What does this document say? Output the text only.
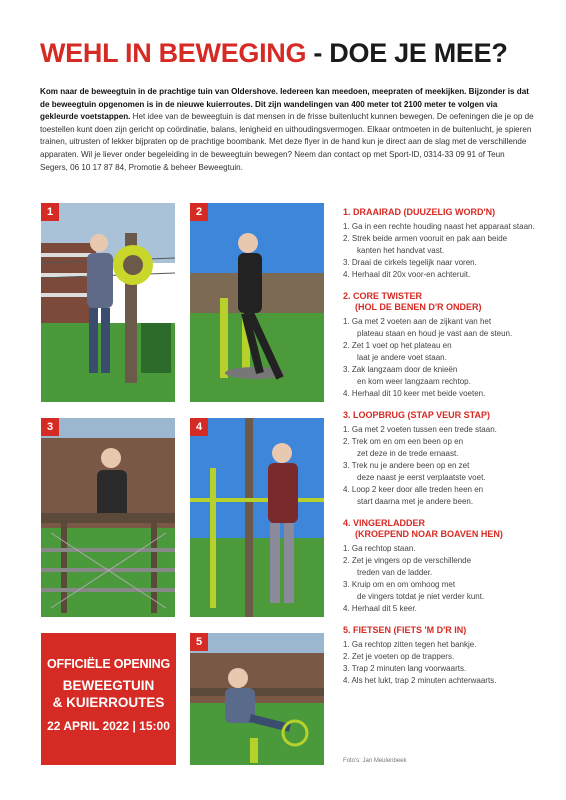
WEHL IN BEWEGING - DOE JE MEE?

Kom naar de beweegtuin in de prachtige tuin van Oldershove. Iedereen kan meedoen, meepraten of meekijken. Bijzonder is dat de beweegtuin opgenomen is in de nieuwe kuierroutes. Dit zijn wandelingen van 400 meter tot 2100 meter te volgen via gekleurde voetstappen. Het idee van de beweegtuin is dat mensen in de frisse buitenlucht kunnen bewegen. De oefeningen die je op de toestellen kunt doen zijn gericht op coördinatie, balans, lenigheid en uithoudingsvermogen. Elkaar ontmoeten in de buitenlucht, je spieren trainen, uitrusten of lekker bijpraten op de prachtige boombank. Met deze flyer in de hand kun je direct aan de slag met de verschillende apparaten. Wil je liever onder begeleiding in de beweegtuin bewegen? Neem dan contact op met Sport-ID, 0314-33 09 91 of Teun Segers, 06 10 17 87 84, Promotie & beheer Beweegtuin.

1	2
3	4
5
OFFICIËLE OPENING
BEWEEGTUIN
& KUIERROUTES
22 APRIL 2022 | 15:00
1. DRAAIRAD (DUUZELIG WORD'N)
1. Ga in een rechte houding naast het apparaat staan.
2. Strek beide armen vooruit en pak aan beide
kanten het handvat vast.
3. Draai de cirkels tegelijk naar voren.
4. Herhaal dit 20x voor-en achteruit.
2. CORE TWISTER
(HOL DE BENEN D'R ONDER)
1. Ga met 2 voeten aan de zijkant van het
plateau staan en houd je vast aan de steun.
2. Zet 1 voet op het plateau en
laat je andere voet staan.
3. Zak langzaam door de knieën
en kom weer langzaam rechtop.
4. Herhaal dit 10 keer met beide voeten.
3. LOOPBRUG (STAP VEUR STAP)
1. Ga met 2 voeten tussen een trede staan.
2. Trek om en om een been op en
zet deze in de trede ernaast.
3. Trek nu je andere been op en zet
deze naast je eerst verplaatste voet.
4. Loop 2 keer door alle treden heen en
start daarna met je andere been.
4. VINGERLADDER
(KROEPEND NOAR BOAVEN HEN)
1. Ga rechtop staan.
2. Zet je vingers op de verschillende
treden van de ladder.
3. Kruip om en om omhoog met
de vingers totdat je niet verder kunt.
4. Herhaal dit 5 keer.
5. FIETSEN (FIETS 'M D'R IN)
1. Ga rechtop zitten tegen het bankje.
2. Zet je voeten op de trappers.
3. Trap 2 minuten lang voorwaarts.
4. Als het lukt, trap 2 minuten achterwaarts.
Foto's: Jan Meulenbeek
